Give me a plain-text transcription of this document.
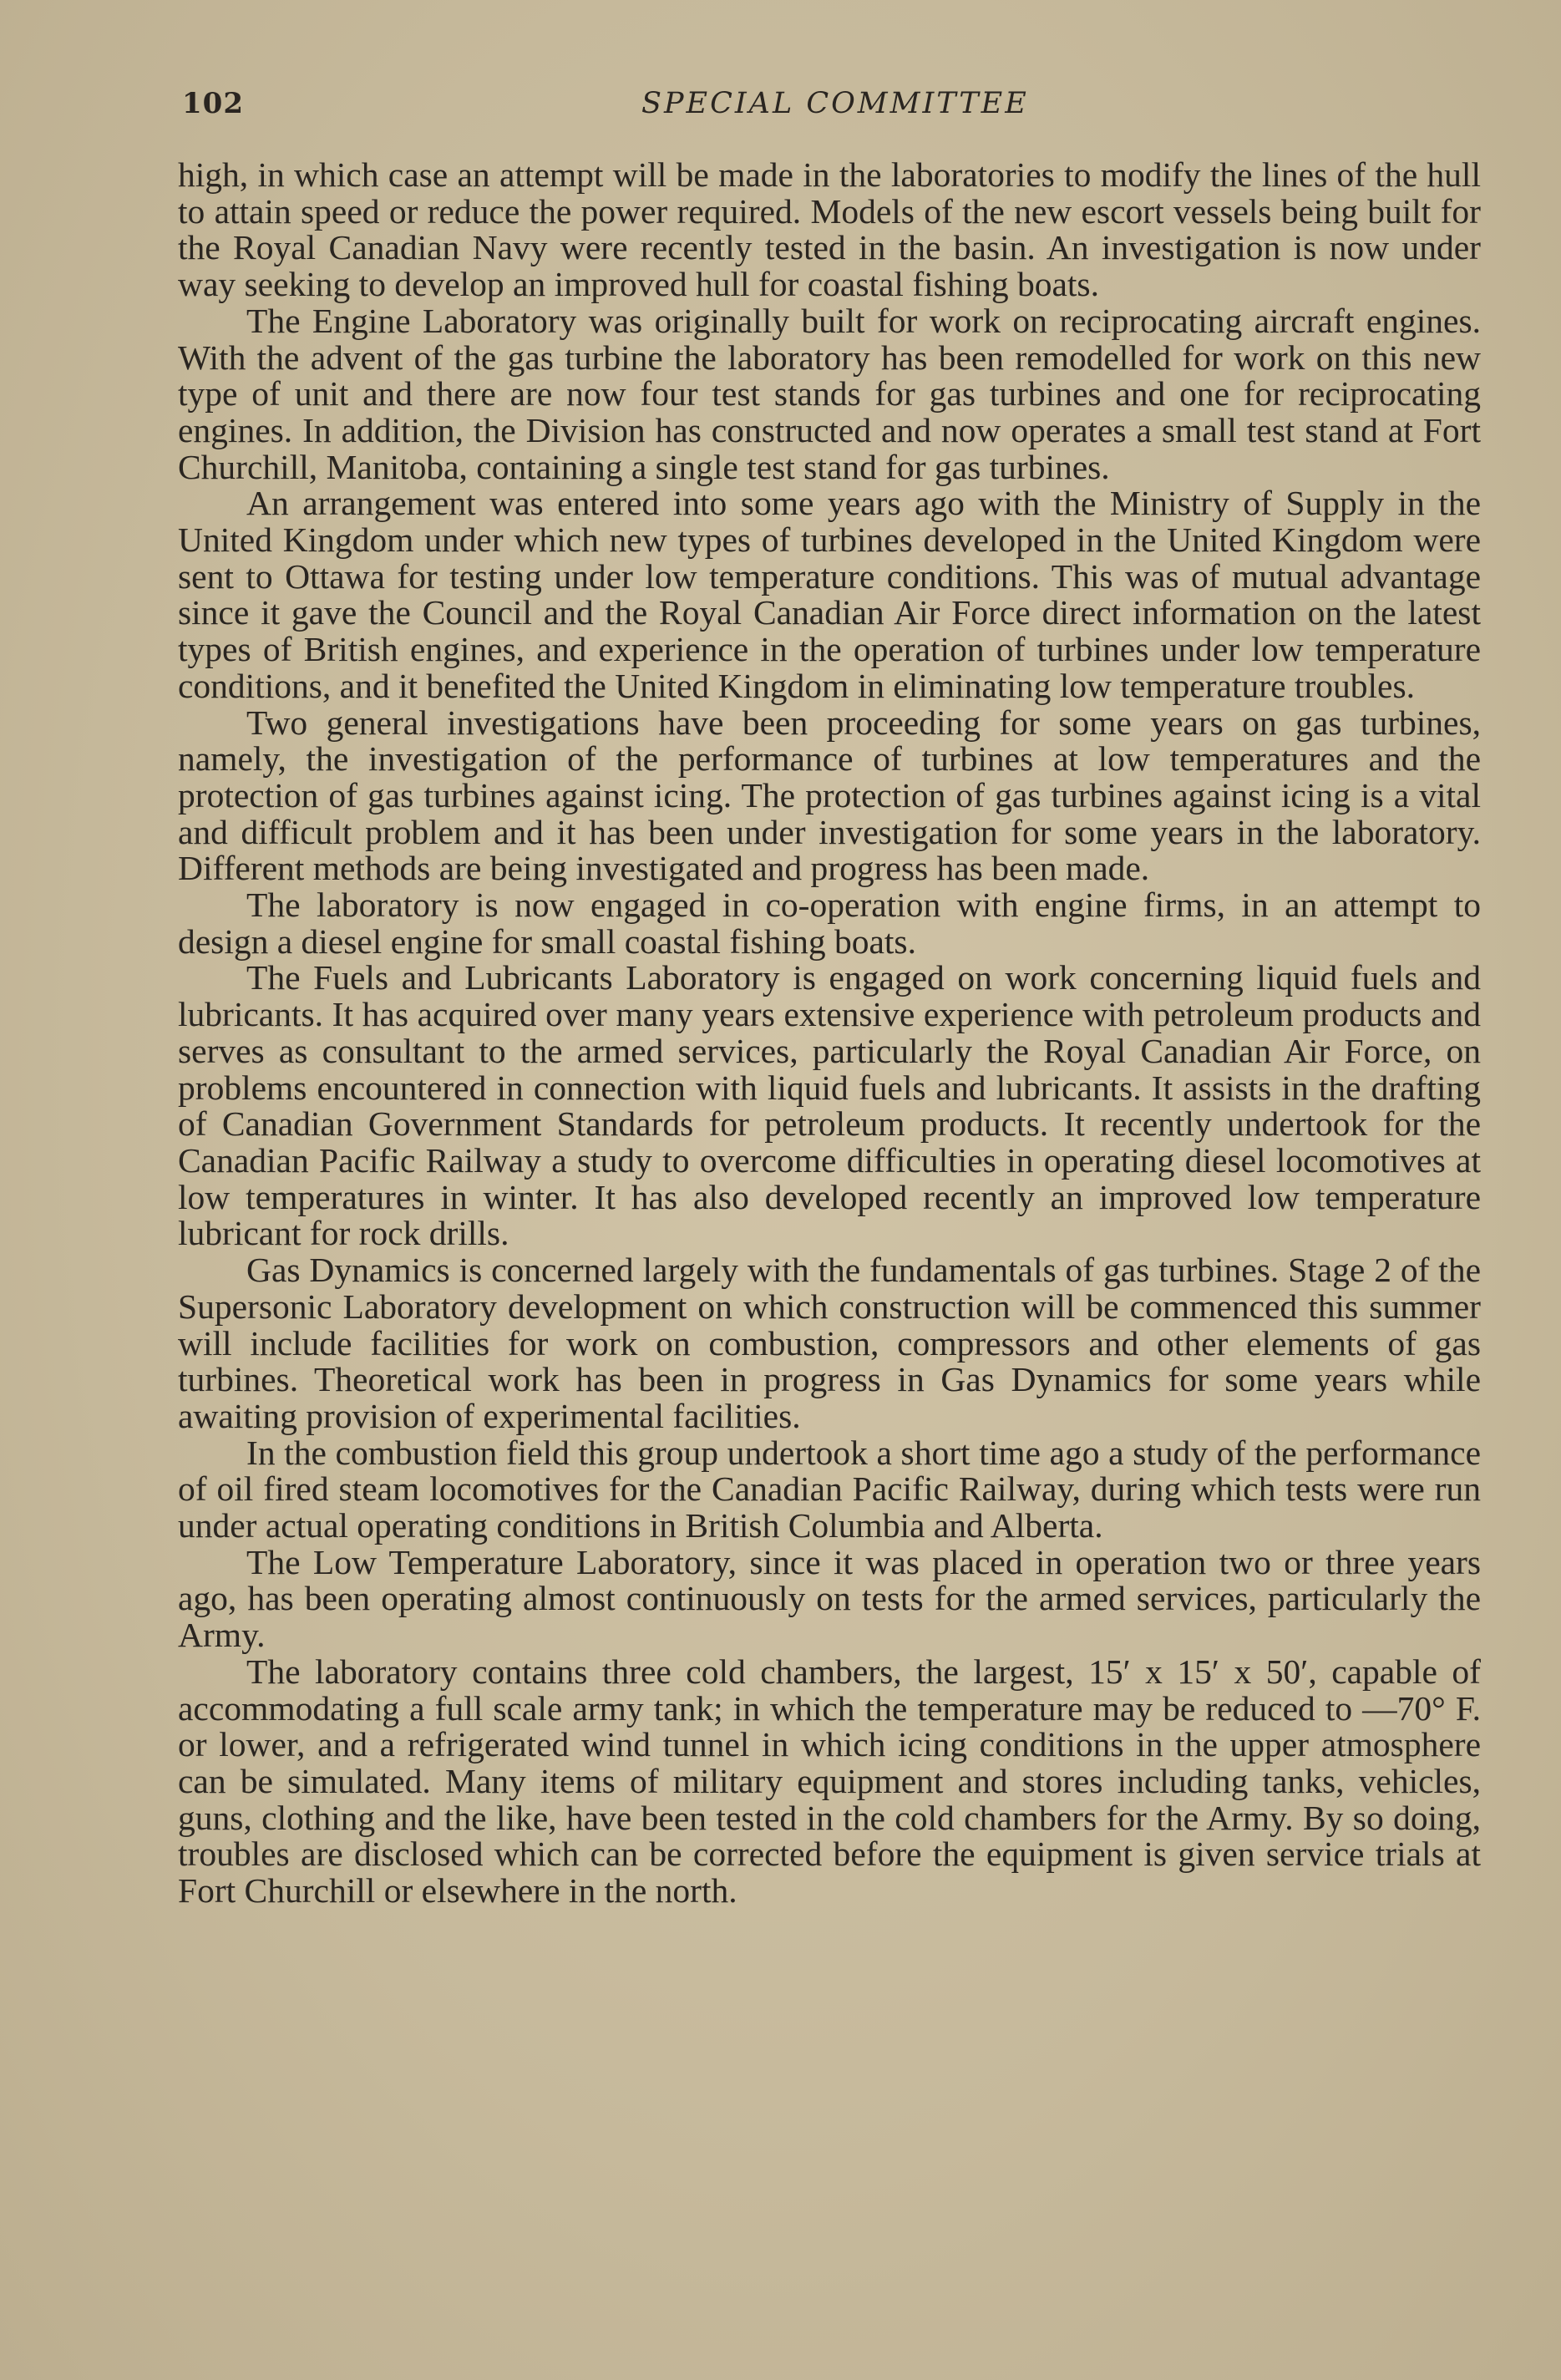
102	SPECIAL COMMITTEE

high, in which case an attempt will be made in the laboratories to modify the lines of the hull to attain speed or reduce the power required. Models of the new escort vessels being built for the Royal Canadian Navy were recently tested in the basin. An investigation is now under way seeking to develop an improved hull for coastal fishing boats.

The Engine Laboratory was originally built for work on reciprocating aircraft engines. With the advent of the gas turbine the laboratory has been remodelled for work on this new type of unit and there are now four test stands for gas turbines and one for reciprocating engines. In addition, the Division has constructed and now operates a small test stand at Fort Churchill, Manitoba, containing a single test stand for gas turbines.

An arrangement was entered into some years ago with the Ministry of Supply in the United Kingdom under which new types of turbines developed in the United Kingdom were sent to Ottawa for testing under low temperature conditions. This was of mutual advantage since it gave the Council and the Royal Canadian Air Force direct information on the latest types of British engines, and experience in the operation of turbines under low temperature conditions, and it benefited the United Kingdom in eliminating low temperature troubles.

Two general investigations have been proceeding for some years on gas turbines, namely, the investigation of the performance of turbines at low temperatures and the protection of gas turbines against icing. The protection of gas turbines against icing is a vital and difficult problem and it has been under investigation for some years in the laboratory. Different methods are being investigated and progress has been made.

The laboratory is now engaged in co-operation with engine firms, in an attempt to design a diesel engine for small coastal fishing boats.

The Fuels and Lubricants Laboratory is engaged on work concerning liquid fuels and lubricants. It has acquired over many years extensive experience with petroleum products and serves as consultant to the armed services, particularly the Royal Canadian Air Force, on problems encountered in connection with liquid fuels and lubricants. It assists in the drafting of Canadian Government Standards for petroleum products. It recently undertook for the Canadian Pacific Railway a study to overcome difficulties in operating diesel locomotives at low temperatures in winter. It has also developed recently an improved low temperature lubricant for rock drills.

Gas Dynamics is concerned largely with the fundamentals of gas turbines. Stage 2 of the Supersonic Laboratory development on which construction will be commenced this summer will include facilities for work on combustion, compressors and other elements of gas turbines. Theoretical work has been in progress in Gas Dynamics for some years while awaiting provision of experimental facilities.

In the combustion field this group undertook a short time ago a study of the performance of oil fired steam locomotives for the Canadian Pacific Railway, during which tests were run under actual operating conditions in British Columbia and Alberta.

The Low Temperature Laboratory, since it was placed in operation two or three years ago, has been operating almost continuously on tests for the armed services, particularly the Army.

The laboratory contains three cold chambers, the largest, 15′ x 15′ x 50′, capable of accommodating a full scale army tank; in which the temperature may be reduced to —70° F. or lower, and a refrigerated wind tunnel in which icing conditions in the upper atmosphere can be simulated. Many items of military equipment and stores including tanks, vehicles, guns, clothing and the like, have been tested in the cold chambers for the Army. By so doing, troubles are disclosed which can be corrected before the equipment is given service trials at Fort Churchill or elsewhere in the north.
